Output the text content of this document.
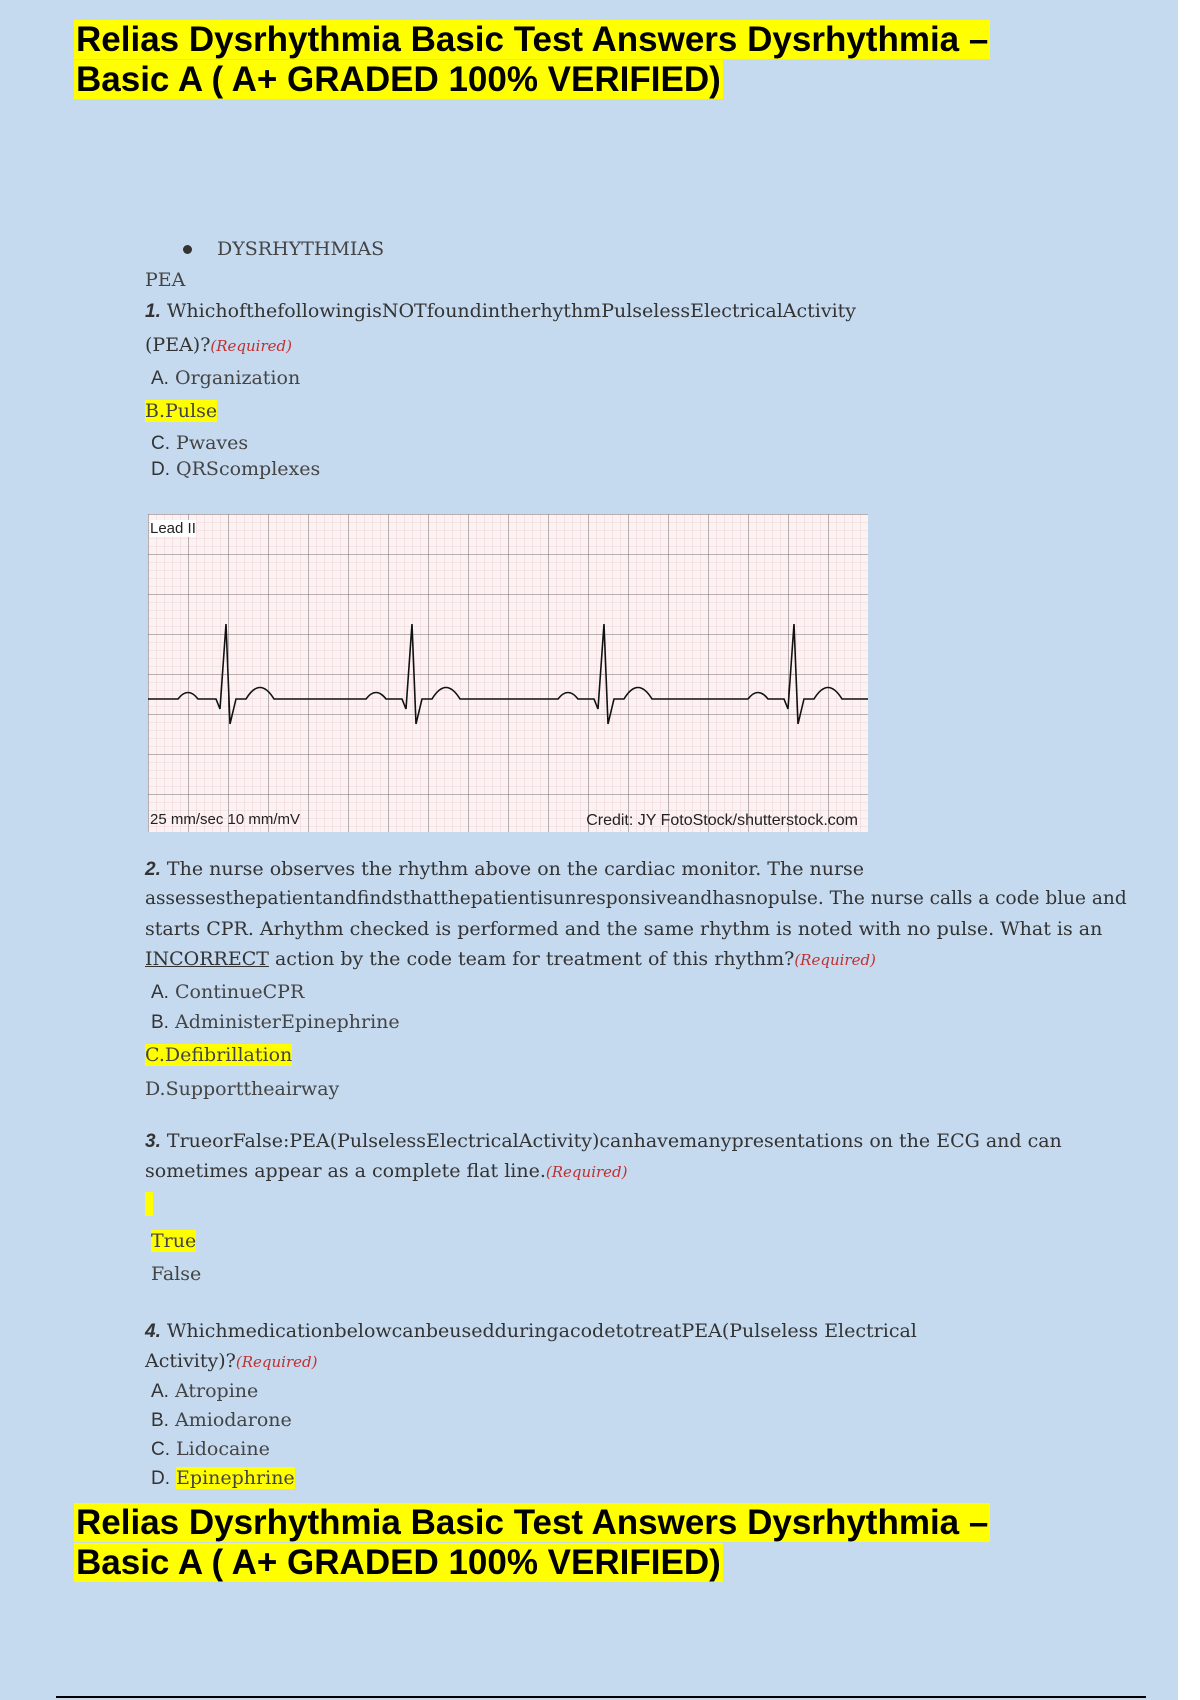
Relias Dysrhythmia Basic Test Answers Dysrhythmia –
Basic A ( A+ GRADED 100% VERIFIED)
DYSRHYTHMIAS
PEA
1. WhichofthefollowingisNOTfoundintherhythmPulselessElectricalActivity
(PEA)?(Required)
A. Organization
B.Pulse
C. Pwaves
D. QRScomplexes
Lead II
25 mm/sec 10 mm/mV	Credit: JY FotoStock/shutterstock.com
2. The nurse observes the rhythm above on the cardiac monitor. The nurse
assessesthepatientandfindsthatthepatientisunresponsiveandhasnopulse. The nurse calls a code blue and
starts CPR. Arhythm checked is performed and the same rhythm is noted with no pulse. What is an
INCORRECT action by the code team for treatment of this rhythm?(Required)
A. ContinueCPR
B. AdministerEpinephrine
C.Defibrillation
D.Supporttheairway
3. TrueorFalse:PEA(PulselessElectricalActivity)canhavemanypresentations on the ECG and can
sometimes appear as a complete flat line.(Required)
True
False
4. WhichmedicationbelowcanbeusedduringacodetotreatPEA(Pulseless Electrical
Activity)?(Required)
A. Atropine
B. Amiodarone
C. Lidocaine
D. Epinephrine
Relias Dysrhythmia Basic Test Answers Dysrhythmia –
Basic A ( A+ GRADED 100% VERIFIED)
